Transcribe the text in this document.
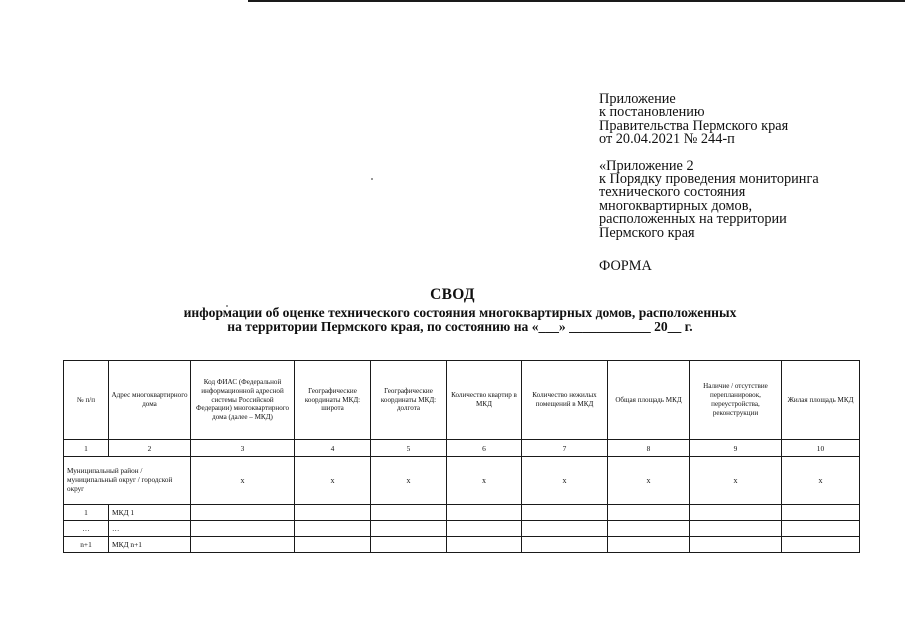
Приложение
к постановлению
Правительства Пермского края
от 20.04.2021 № 244-п
«Приложение 2
к Порядку проведения мониторинга
технического состояния
многоквартирных домов,
расположенных на территории
Пермского края
ФОРМА
СВОД
информации об оценке технического состояния многоквартирных домов, расположенных
на территории Пермского края, по состоянию на «___» ____________ 20__ г.
№ п/п	Адрес многоквартирного дома	Код ФИАС (Федеральной информационной адресной системы Российской Федерации) многоквартирного дома (далее – МКД)	Географические координаты МКД: широта	Географические координаты МКД: долгота	Количество квартир в МКД	Количество нежилых помещений в МКД	Общая площадь МКД	Наличие / отсутствие перепланировок, переустройства, реконструкции	Жилая площадь МКД
1	2	3	4	5	6	7	8	9	10
Муниципальный район / муниципальный округ / городской округ		x	x	x	x	x	x	x	x
1	МКД 1								
…	…								
n+1	МКД n+1								
